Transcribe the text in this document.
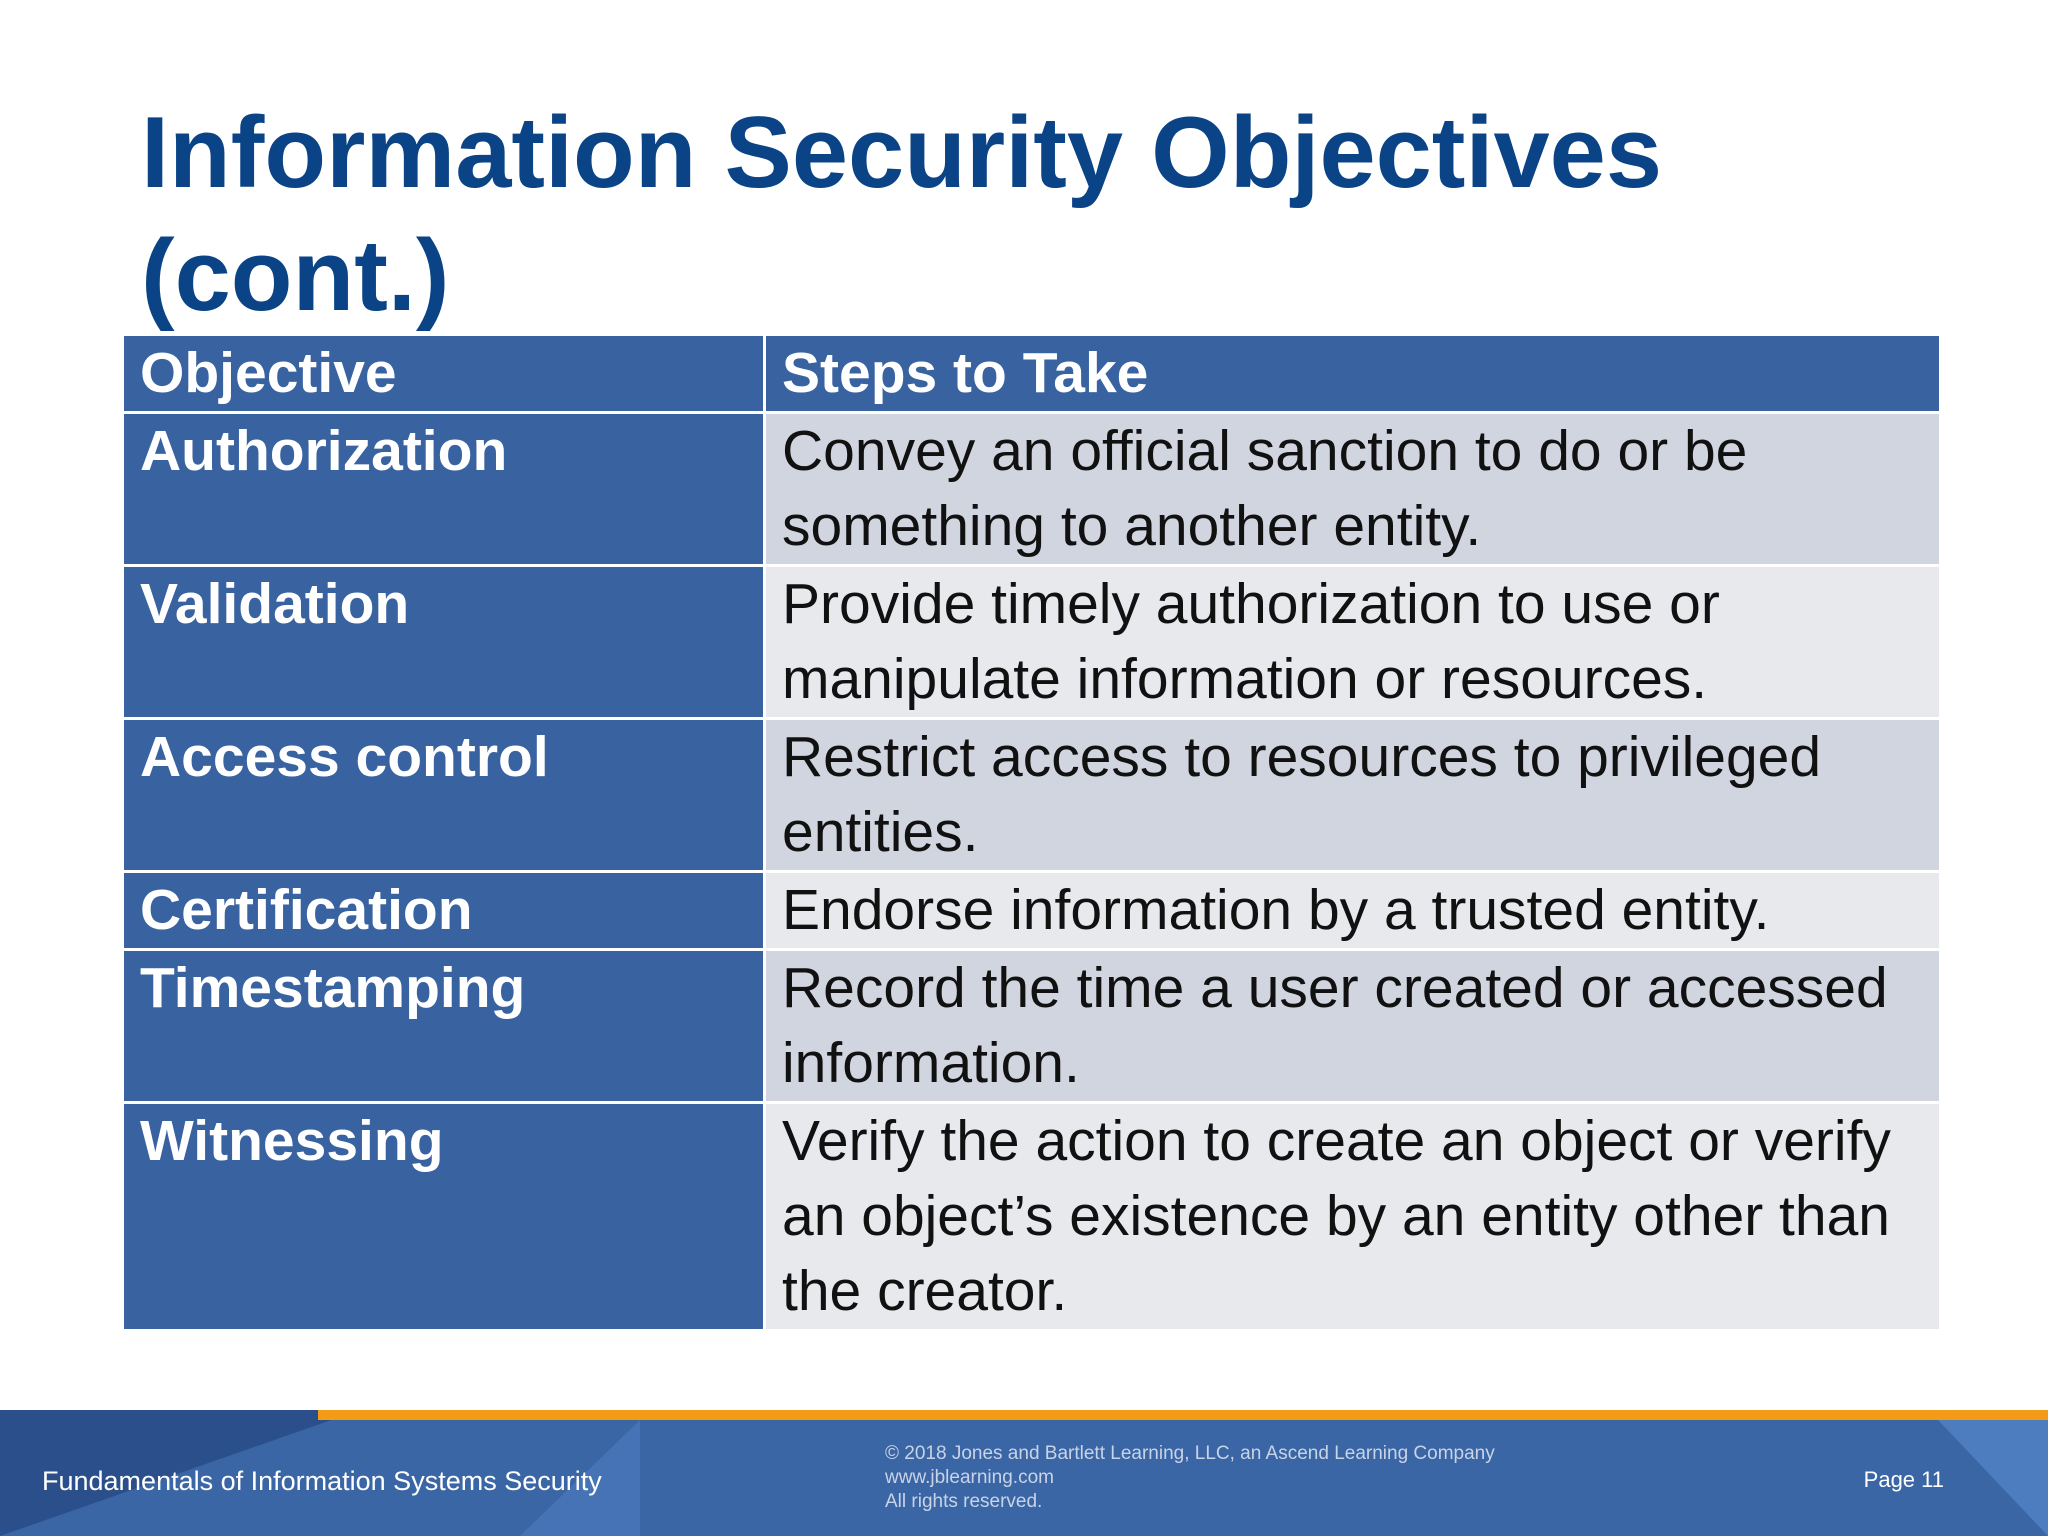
Information Security Objectives (cont.)
Objective	Steps to Take
Authorization	Convey an official sanction to do or be something to another entity.
Validation	Provide timely authorization to use or manipulate information or resources.
Access control	Restrict access to resources to privileged entities.
Certification	Endorse information by a trusted entity.
Timestamping	Record the time a user created or accessed information.
Witnessing	Verify the action to create an object or verify an object’s existence by an entity other than the creator.
Fundamentals of Information Systems Security
© 2018 Jones and Bartlett Learning, LLC, an Ascend Learning Company
www.jblearning.com
All rights reserved.
Page 11
